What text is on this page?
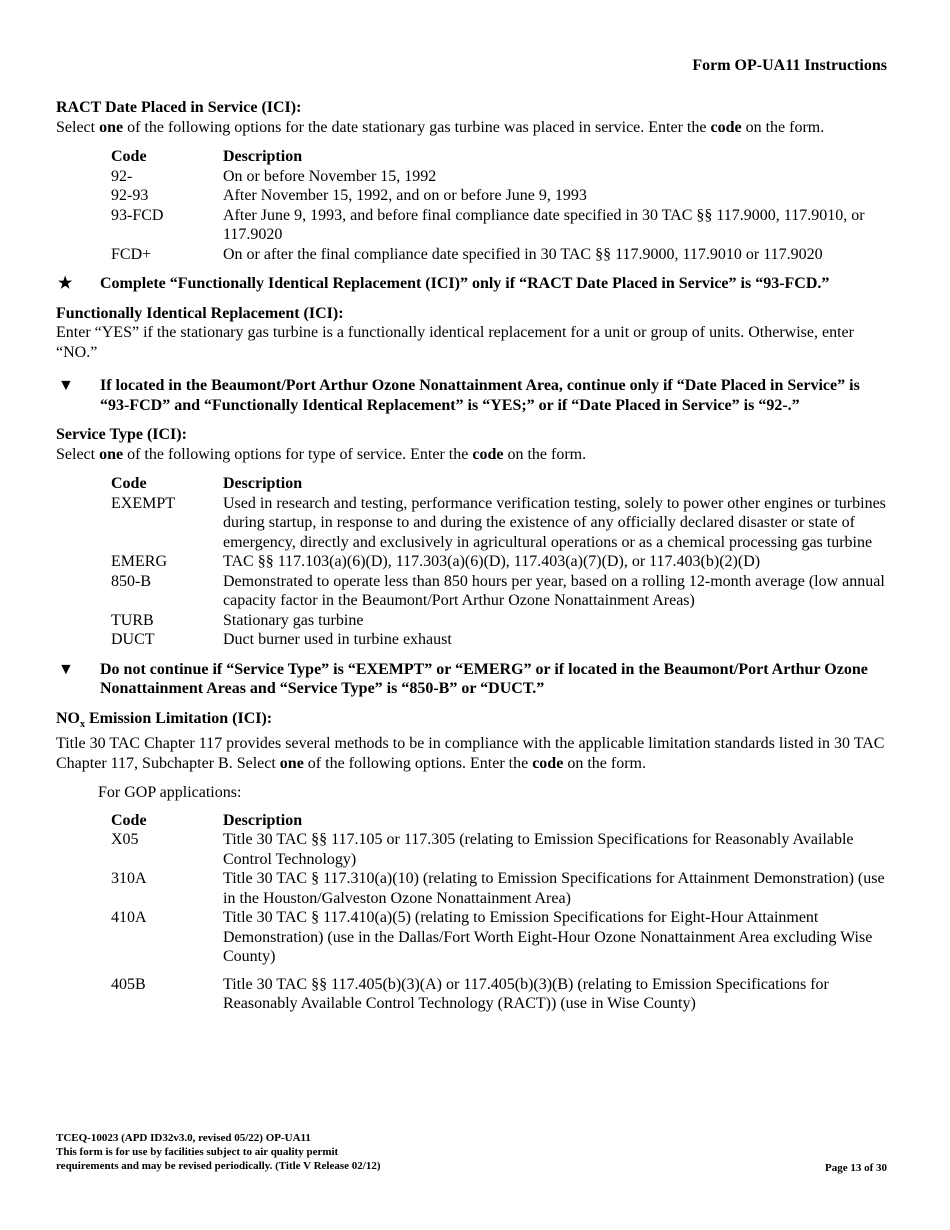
Form OP-UA11 Instructions

RACT Date Placed in Service (ICI):

Select one of the following options for the date stationary gas turbine was placed in service. Enter the code on the form.

Code	Description
92-	On or before November 15, 1992
92-93	After November 15, 1992, and on or before June 9, 1993
93-FCD	After June 9, 1993, and before final compliance date specified in 30 TAC §§ 117.9000, 117.9010, or 117.9020
FCD+	On or after the final compliance date specified in 30 TAC §§ 117.9000, 117.9010 or 117.9020
★	Complete “Functionally Identical Replacement (ICI)” only if “RACT Date Placed in Service” is “93-FCD.”

Functionally Identical Replacement (ICI):

Enter “YES” if the stationary gas turbine is a functionally identical replacement for a unit or group of units. Otherwise, enter “NO.”

▼	If located in the Beaumont/Port Arthur Ozone Nonattainment Area, continue only if “Date Placed in Service” is “93-FCD” and “Functionally Identical Replacement” is “YES;” or if “Date Placed in Service” is “92-.”

Service Type (ICI):

Select one of the following options for type of service. Enter the code on the form.

Code	Description
EXEMPT	Used in research and testing, performance verification testing, solely to power other engines or turbines during startup, in response to and during the existence of any officially declared disaster or state of emergency, directly and exclusively in agricultural operations or as a chemical processing gas turbine
EMERG	TAC §§ 117.103(a)(6)(D), 117.303(a)(6)(D), 117.403(a)(7)(D), or 117.403(b)(2)(D)
850-B	Demonstrated to operate less than 850 hours per year, based on a rolling 12-month average (low annual capacity factor in the Beaumont/Port Arthur Ozone Nonattainment Areas)
TURB	Stationary gas turbine
DUCT	Duct burner used in turbine exhaust
▼	Do not continue if “Service Type” is “EXEMPT” or “EMERG” or if located in the Beaumont/Port Arthur Ozone Nonattainment Areas and “Service Type” is “850-B” or “DUCT.”

$NO_x$ Emission Limitation (ICI):

Title 30 TAC Chapter 117 provides several methods to be in compliance with the applicable limitation standards listed in 30 TAC Chapter 117, Subchapter B. Select one of the following options. Enter the code on the form.

For GOP applications:

Code	Description
X05	Title 30 TAC §§ 117.105 or 117.305 (relating to Emission Specifications for Reasonably Available Control Technology)
310A	Title 30 TAC § 117.310(a)(10) (relating to Emission Specifications for Attainment Demonstration) (use in the Houston/Galveston Ozone Nonattainment Area)
410A	Title 30 TAC § 117.410(a)(5) (relating to Emission Specifications for Eight-Hour Attainment Demonstration) (use in the Dallas/Fort Worth Eight-Hour Ozone Nonattainment Area excluding Wise County)
405B	Title 30 TAC §§ 117.405(b)(3)(A) or 117.405(b)(3)(B) (relating to Emission Specifications for Reasonably Available Control Technology (RACT)) (use in Wise County)
TCEQ-10023 (APD ID32v3.0, revised 05/22) OP-UA11
This form is for use by facilities subject to air quality permit
requirements and may be revised periodically. (Title V Release 02/12)	Page 13 of 30
